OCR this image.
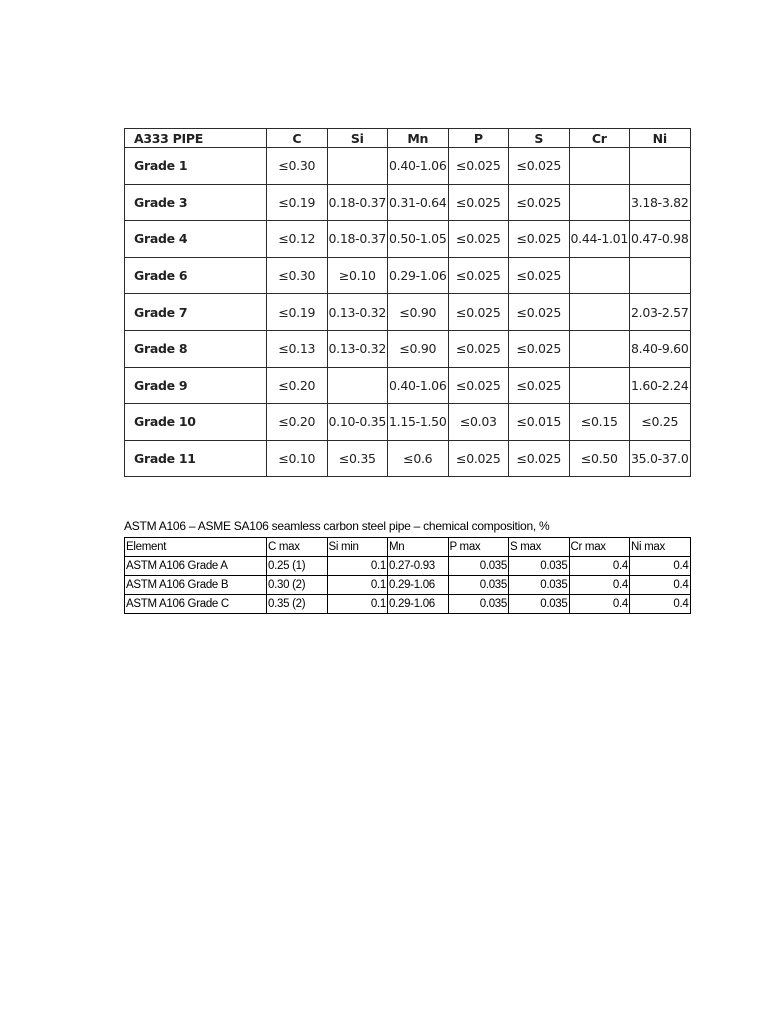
A333 PIPE	C	Si	Mn	P	S	Cr	Ni
Grade 1	≤0.30		0.40-1.06	≤0.025	≤0.025		
Grade 3	≤0.19	0.18-0.37	0.31-0.64	≤0.025	≤0.025		3.18-3.82
Grade 4	≤0.12	0.18-0.37	0.50-1.05	≤0.025	≤0.025	0.44-1.01	0.47-0.98
Grade 6	≤0.30	≥0.10	0.29-1.06	≤0.025	≤0.025		
Grade 7	≤0.19	0.13-0.32	≤0.90	≤0.025	≤0.025		2.03-2.57
Grade 8	≤0.13	0.13-0.32	≤0.90	≤0.025	≤0.025		8.40-9.60
Grade 9	≤0.20		0.40-1.06	≤0.025	≤0.025		1.60-2.24
Grade 10	≤0.20	0.10-0.35	1.15-1.50	≤0.03	≤0.015	≤0.15	≤0.25
Grade 11	≤0.10	≤0.35	≤0.6	≤0.025	≤0.025	≤0.50	35.0-37.0
ASTM A106 – ASME SA106 seamless carbon steel pipe – chemical composition, %
Element	C max	Si min	Mn	P max	S max	Cr max	Ni max
ASTM A106 Grade A	0.25 (1)	0.1	0.27-0.93	0.035	0.035	0.4	0.4
ASTM A106 Grade B	0.30 (2)	0.1	0.29-1.06	0.035	0.035	0.4	0.4
ASTM A106 Grade C	0.35 (2)	0.1	0.29-1.06	0.035	0.035	0.4	0.4
